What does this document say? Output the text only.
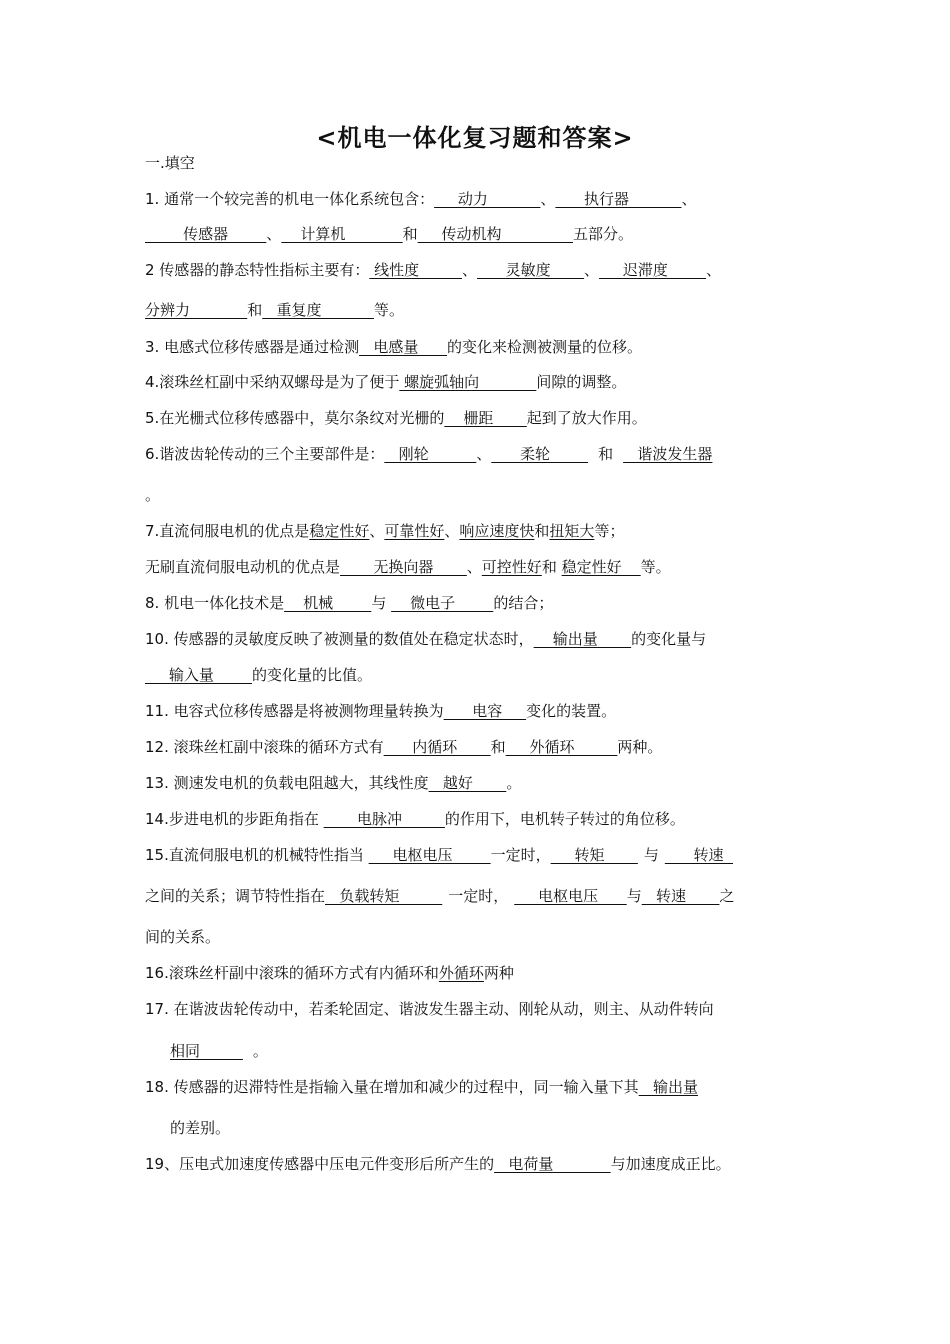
<机电一体化复习题和答案>
一.填空
1. 通常一个较完善的机电一体化系统包含：     动力           、      执行器           、
传感器        、    计算机            和     传动机构               五部分。
2 传感器的静态特性指标主要有： 线性度         、      灵敏度       、     迟滞度        、
分辨力            和   重复度           等。
3. 电感式位移传感器是通过检测   电感量      的变化来检测被测量的位移。
4.滚珠丝杠副中采纳双螺母是为了便于 螺旋弧轴向            间隙的调整。
5.在光栅式位移传感器中，莫尔条纹对光栅的    栅距       起到了放大作用。
6.谐波齿轮传动的三个主要部件是：   刚轮          、      柔轮        和   谐波发生器
。
7.直流伺服电机的优点是稳定性好、可靠性好、响应速度快和扭矩大等；
无刷直流伺服电动机的优点是       无换向器       、可控性好和 稳定性好    等。
8. 机电一体化技术是    机械        与     微电子        的结合；
10. 传感器的灵敏度反映了被测量的数值处在稳定状态时，    输出量       的变化量与
输入量        的变化量的比值。
11. 电容式位移传感器是将被测物理量转换为      电容     变化的装置。
12. 滚珠丝杠副中滚珠的循环方式有      内循环       和     外循环         两种。
13. 测速发电机的负载电阻越大，其线性度   越好       。
14.步进电机的步距角指在        电脉冲         的作用下，电机转子转过的角位移。
15.直流伺服电机的机械特性指当      电枢电压        一定时，     转矩       与      转速
之间的关系；调节特性指在   负载转矩         一定时，     电枢电压      与   转速       之
间的关系。
16.滚珠丝杆副中滚珠的循环方式有内循环和外循环两种
17. 在谐波齿轮传动中，若柔轮固定、谐波发生器主动、刚轮从动，则主、从动件转向
相同         。
18. 传感器的迟滞特性是指输入量在增加和减少的过程中，同一输入量下其   输出量
的差别。
19、压电式加速度传感器中压电元件变形后所产生的   电荷量            与加速度成正比。
